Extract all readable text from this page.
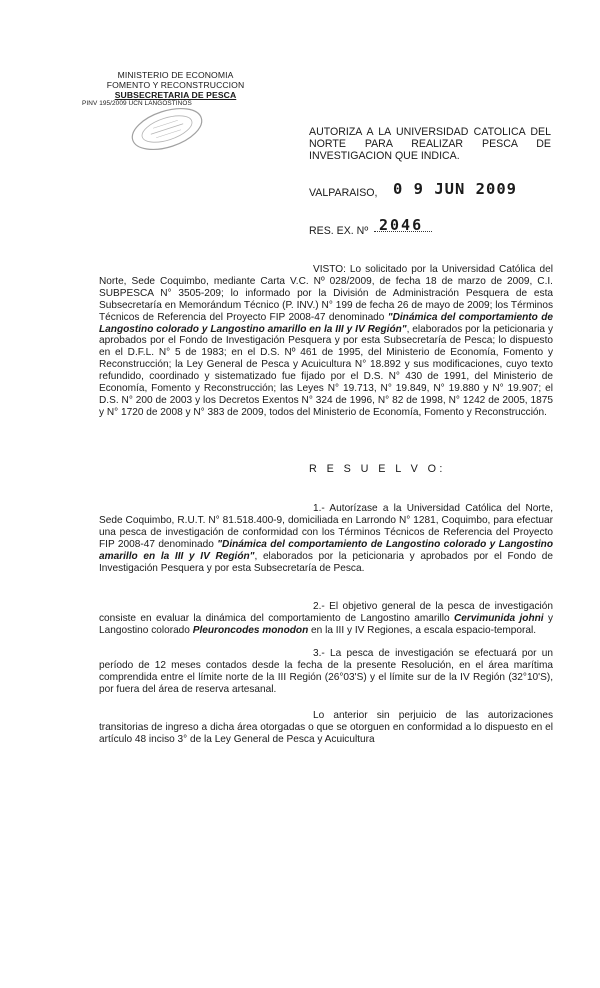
MINISTERIO DE ECONOMIA
FOMENTO Y RECONSTRUCCION
SUBSECRETARIA DE PESCA
PINV 195/2009 UCN LANGOSTINOS
AUTORIZA A LA UNIVERSIDAD CATOLICA DEL NORTE PARA REALIZAR PESCA DE INVESTIGACION QUE INDICA.
VALPARAISO, 0 9 JUN 2009
RES. EX. Nº 2046
VISTO: Lo solicitado por la Universidad Católica del Norte, Sede Coquimbo, mediante Carta V.C. Nº 028/2009, de fecha 18 de marzo de 2009, C.I. SUBPESCA N° 3505-209; lo informado por la División de Administración Pesquera de esta Subsecretaría en Memorándum Técnico (P. INV.) N° 199 de fecha 26 de mayo de 2009; los Términos Técnicos de Referencia del Proyecto FIP 2008-47 denominado "Dinámica del comportamiento de Langostino colorado y Langostino amarillo en la III y IV Región", elaborados por la peticionaria y aprobados por el Fondo de Investigación Pesquera y por esta Subsecretaría de Pesca; lo dispuesto en el D.F.L. N° 5 de 1983; en el D.S. Nº 461 de 1995, del Ministerio de Economía, Fomento y Reconstrucción; la Ley General de Pesca y Acuicultura N° 18.892 y sus modificaciones, cuyo texto refundido, coordinado y sistematizado fue fijado por el D.S. N° 430 de 1991, del Ministerio de Economía, Fomento y Reconstrucción; las Leyes N° 19.713, N° 19.849, N° 19.880 y N° 19.907; el D.S. N° 200 de 2003 y los Decretos Exentos N° 324 de 1996, N° 82 de 1998, N° 1242 de 2005, 1875 y N° 1720 de 2008 y N° 383 de 2009, todos del Ministerio de Economía, Fomento y Reconstrucción.
R E S U E L V O:
1.- Autorízase a la Universidad Católica del Norte, Sede Coquimbo, R.U.T. N° 81.518.400-9, domiciliada en Larrondo N° 1281, Coquimbo, para efectuar una pesca de investigación de conformidad con los Términos Técnicos de Referencia del Proyecto FIP 2008-47 denominado "Dinámica del comportamiento de Langostino colorado y Langostino amarillo en la III y IV Región", elaborados por la peticionaria y aprobados por el Fondo de Investigación Pesquera y por esta Subsecretaría de Pesca.
2.- El objetivo general de la pesca de investigación consiste en evaluar la dinámica del comportamiento de Langostino amarillo Cervimunida johni y Langostino colorado Pleuroncodes monodon en la III y IV Regiones, a escala espacio-temporal.
3.- La pesca de investigación se efectuará por un período de 12 meses contados desde la fecha de la presente Resolución, en el área marítima comprendida entre el límite norte de la III Región (26°03'S) y el límite sur de la IV Región (32°10'S), por fuera del área de reserva artesanal.
Lo anterior sin perjuicio de las autorizaciones transitorias de ingreso a dicha área otorgadas o que se otorguen en conformidad a lo dispuesto en el artículo 48 inciso 3° de la Ley General de Pesca y Acuicultura
